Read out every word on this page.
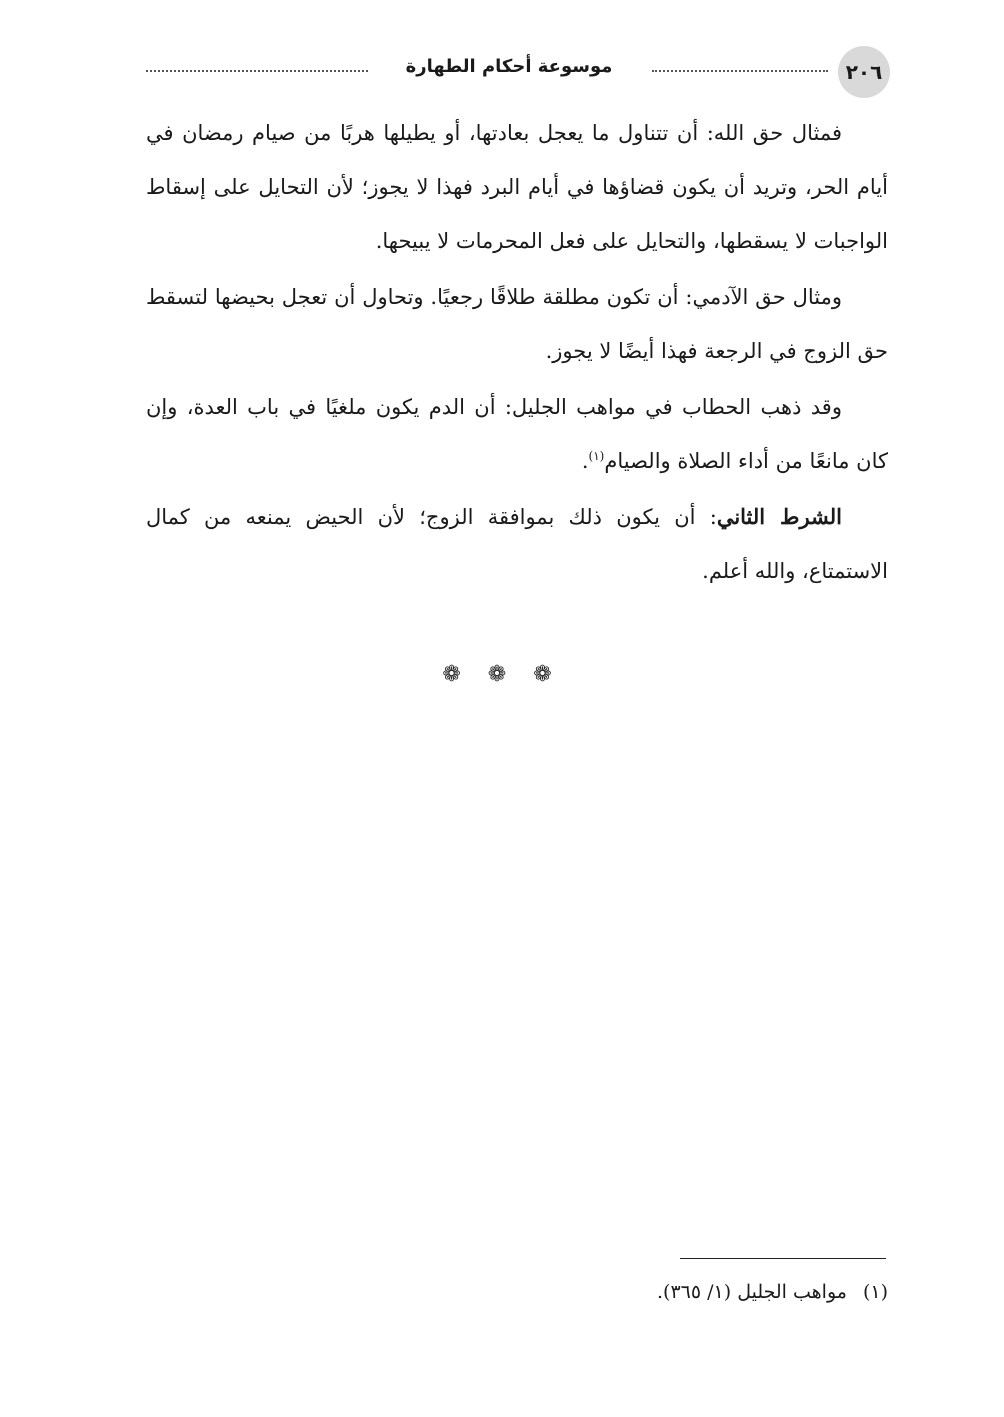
٢٠٦
موسوعة أحكام الطهارة

فمثال حق الله: أن تتناول ما يعجل بعادتها، أو يطيلها هربًا من صيام رمضان في أيام الحر، وتريد أن يكون قضاؤها في أيام البرد فهذا لا يجوز؛ لأن التحايل على إسقاط الواجبات لا يسقطها، والتحايل على فعل المحرمات لا يبيحها.

ومثال حق الآدمي: أن تكون مطلقة طلاقًا رجعيًا. وتحاول أن تعجل بحيضها لتسقط حق الزوج في الرجعة فهذا أيضًا لا يجوز.

وقد ذهب الحطاب في مواهب الجليل: أن الدم يكون ملغيًا في باب العدة، وإن كان مانعًا من أداء الصلاة والصيام$^{(١)}$.

الشرط الثاني: أن يكون ذلك بموافقة الزوج؛ لأن الحيض يمنعه من كمال الاستمتاع، والله أعلم.

❁ ❁ ❁
(١)مواهب الجليل (١/ ٣٦٥).
